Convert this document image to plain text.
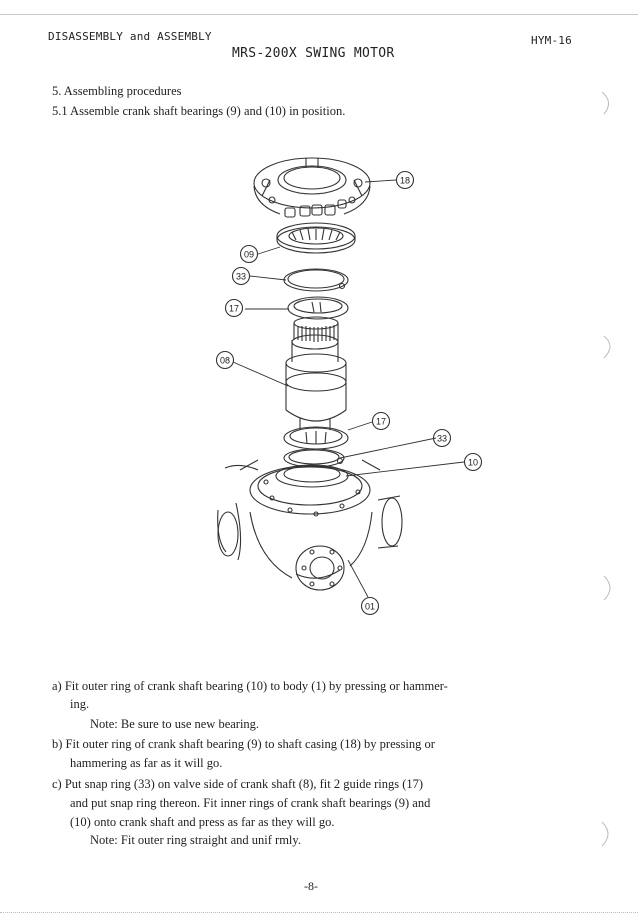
DISASSEMBLY and ASSEMBLY	HYM-16
MRS-200X SWING MOTOR
5. Assembling procedures
5.1 Assemble crank shaft bearings (9) and (10) in position.
18
09
33
17
08
17
33
10
01
a) Fit outer ring of crank shaft bearing (10) to body (1) by pressing or hammer-
ing.
Note: Be sure to use new bearing.
b) Fit outer ring of crank shaft bearing (9) to shaft casing (18) by pressing or
hammering as far as it will go.
c) Put snap ring (33) on valve side of crank shaft (8), fit 2 guide rings (17)
and put snap ring thereon. Fit inner rings of crank shaft bearings (9) and
(10) onto crank shaft and press as far as they will go.
Note: Fit outer ring straight and unif rmly.
-8-
